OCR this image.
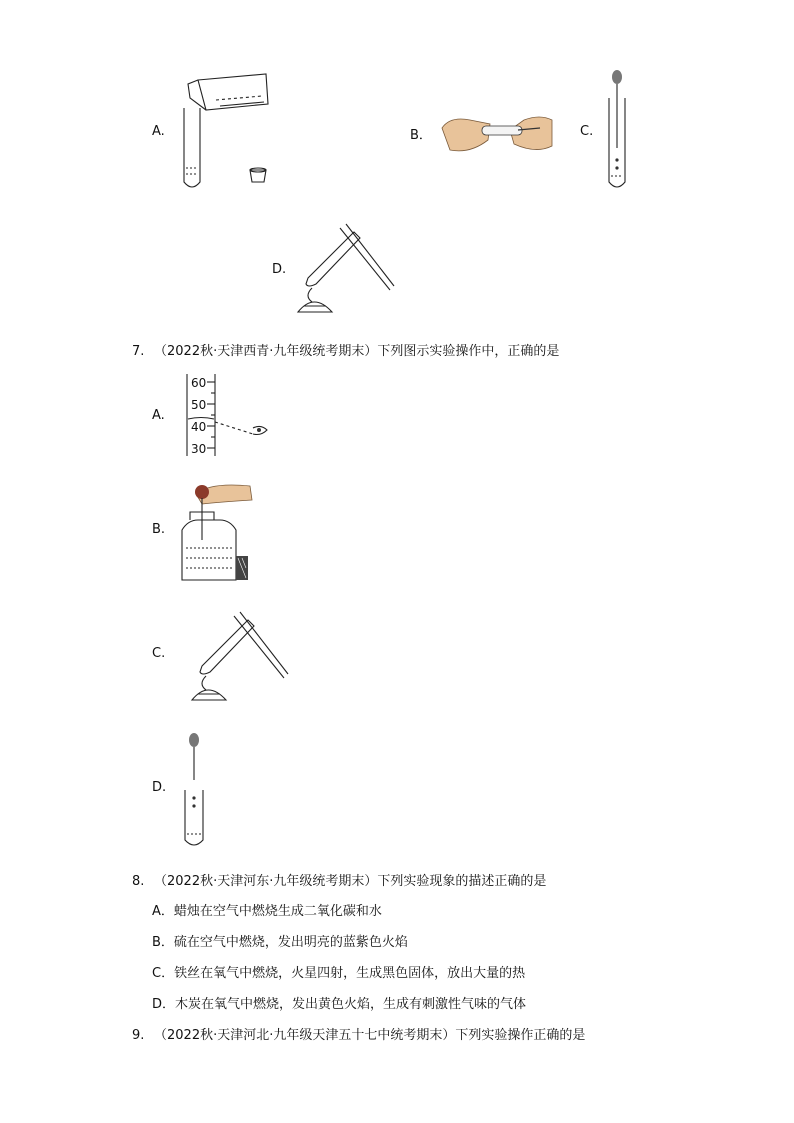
A.	B．	C.
D.
7. （2022秋·天津西青·九年级统考期末）下列图示实验操作中，正确的是
A.
60
50
40
30
B.
C.
D.
8. （2022秋·天津河东·九年级统考期末）下列实验现象的描述正确的是
A．蜡烛在空气中燃烧生成二氧化碳和水
B．硫在空气中燃烧，发出明亮的蓝紫色火焰
C．铁丝在氧气中燃烧，火星四射，生成黑色固体，放出大量的热
D．木炭在氧气中燃烧，发出黄色火焰，生成有刺激性气味的气体
9. （2022秋·天津河北·九年级天津五十七中统考期末）下列实验操作正确的是
